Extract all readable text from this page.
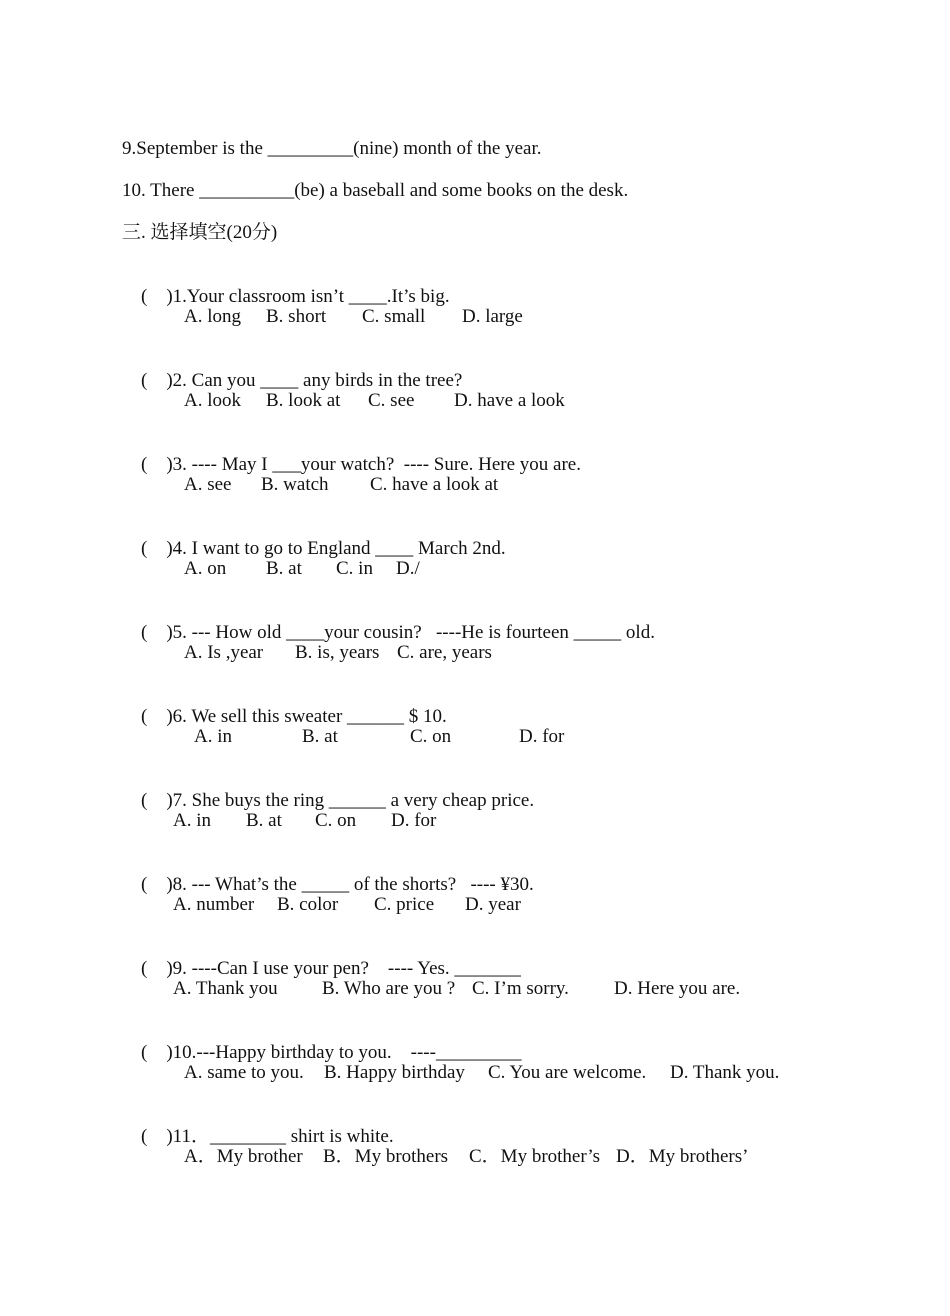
9.September is the _________(nine) month of the year.
10. There __________(be) a baseball and some books on the desk.
三. 选择填空(20分)

(    )1.Your classroom isn’t ____.It’s big.

A. long

B. short

C. small

D. large

(    )2. Can you ____ any birds in the tree?

A. look

B. look at

C. see

D. have a look

(    )3. ---- May I ___your watch?  ---- Sure. Here you are.

A. see

B. watch

C. have a look at

(    )4. I want to go to England ____ March 2nd.

A. on

B. at

C. in

D./

(    )5. --- How old ____your cousin?   ----He is fourteen _____ old.

A. Is ,year

B. is, years

C. are, years

(    )6. We sell this sweater ______ $ 10.

A. in

	B. at

	C. on

	D. for

(    )7. She buys the ring ______ a very cheap price.

A. in

B. at

C. on

D. for

(    )8. --- What’s the _____ of the shorts?   ---- ¥30.

A. number

B. color

C. price

D. year

(    )9. ----Can I use your pen?    ---- Yes. _______

A. Thank you

B. Who are you ?

C. I’m sorry.

D. Here you are.

(    )10.---Happy birthday to you.    ----_________

A. same to you.

B. Happy birthday

C. You are welcome.

D. Thank you.

(    )11．________ shirt is white.

A．My brother

B．My brothers

C．My brother’s

D．My brothers’
